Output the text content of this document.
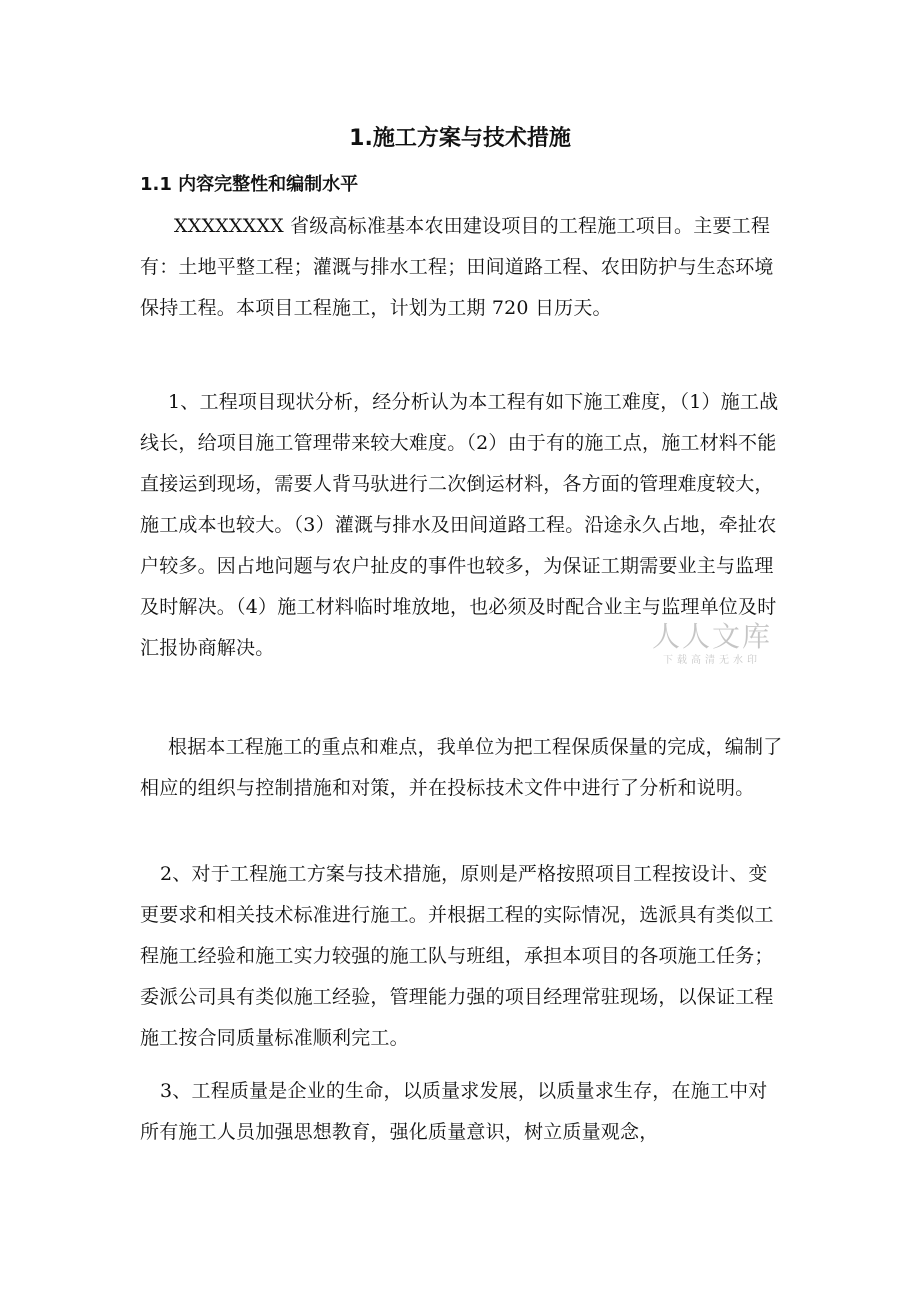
1.施工方案与技术措施
1.1 内容完整性和编制水平

XXXXXXXX 省级高标准基本农田建设项目的工程施工项目。主要工程有：土地平整工程；灌溉与排水工程；田间道路工程、农田防护与生态环境保持工程。本项目工程施工，计划为工期 720 日历天。

1、工程项目现状分析，经分析认为本工程有如下施工难度，（1）施工战线长，给项目施工管理带来较大难度。（2）由于有的施工点，施工材料不能直接运到现场，需要人背马驮进行二次倒运材料，各方面的管理难度较大，施工成本也较大。（3）灌溉与排水及田间道路工程。沿途永久占地，牵扯农户较多。因占地问题与农户扯皮的事件也较多，为保证工期需要业主与监理及时解决。（4）施工材料临时堆放地，也必须及时配合业主与监理单位及时汇报协商解决。

根据本工程施工的重点和难点，我单位为把工程保质保量的完成，编制了相应的组织与控制措施和对策，并在投标技术文件中进行了分析和说明。

2、对于工程施工方案与技术措施，原则是严格按照项目工程按设计、变更要求和相关技术标准进行施工。并根据工程的实际情况，选派具有类似工程施工经验和施工实力较强的施工队与班组，承担本项目的各项施工任务；委派公司具有类似施工经验，管理能力强的项目经理常驻现场，以保证工程施工按合同质量标准顺利完工。

3、工程质量是企业的生命，以质量求发展，以质量求生存，在施工中对所有施工人员加强思想教育，强化质量意识，树立质量观念，

人人文库
下载高清无水印
